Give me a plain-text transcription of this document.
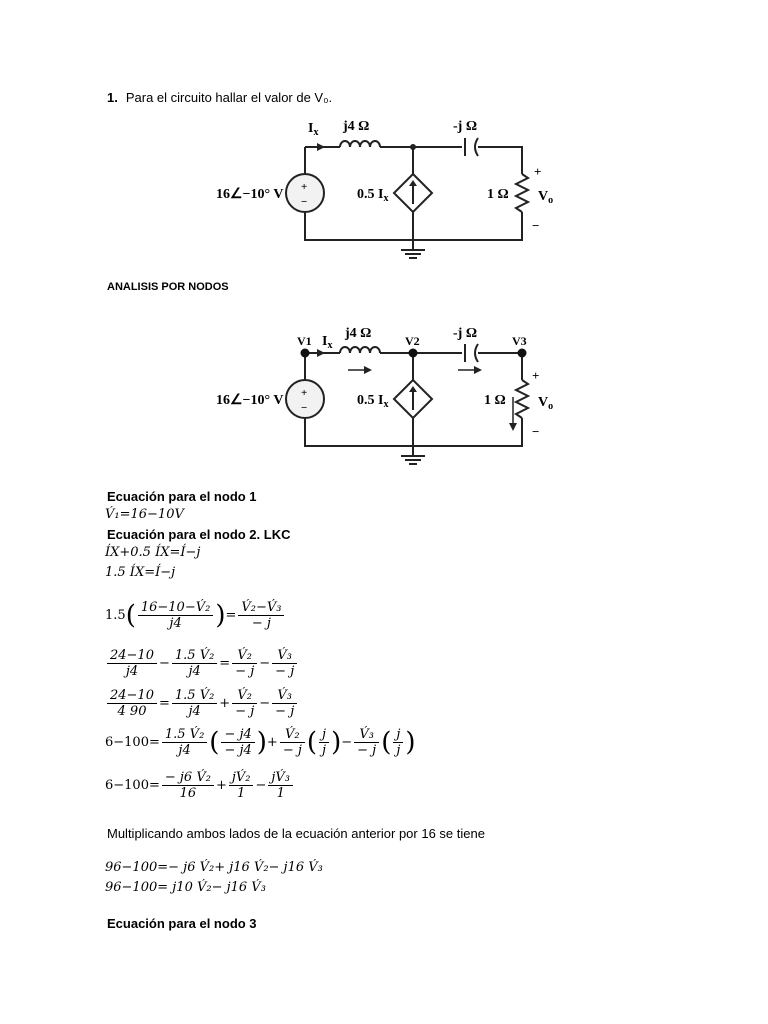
1. Para el circuito hallar el valor de V₀.
+
−
$I_x$ j4 Ω	-j Ω
16∠−10° V	0.5 $I_x$	1 Ω
+
$V_o$
−
ANALISIS POR NODOS
+
−
V1	V2	V3
$I_x$
j4 Ω	-j Ω
16∠−10° V	0.5 $I_x$	1 Ω
+
$V_o$
−
Ecuación para el nodo 1
V́₁=16−10V
Ecuación para el nodo 2. LKC
ÍX+0.5 ÍX=Í−j
1.5 ÍX=Í−j
$1.5( \frac{\text{16−10−V́₂}}{j4}$ )= $\frac{\text{V́₂−V́₃}}{- j}$
$\frac{24-10}{j4} - \frac{\text{1.5 V́₂}}{j4} = \frac{\text{V́₂}}{- j} - \frac{\text{V́₃}}{- j}$
$\frac{24-10}{4 90} = \frac{\text{1.5 V́₂}}{j4} + \frac{\text{V́₂}}{- j} - \frac{\text{V́₃}}{- j}$
$6-100= \frac{\text{1.5 V́₂}}{j4}$ ( $\frac{- j4}{- j4}$ )+ $\frac{\text{V́₂}}{- j}$ ( $\frac{j}{j}$ )− $\frac{\text{V́₃}}{- j}$ ( $\frac{j}{j}$ )
$6-100= \frac{\text{− j6 V́₂}}{16} + \frac{\text{jV́₂}}{1} - \frac{\text{jV́₃}}{1}$
Multiplicando ambos lados de la ecuación anterior por 16 se tiene
96−100=− j6 V́₂+ j16 V́₂− j16 V́₃
96−100= j10 V́₂− j16 V́₃
Ecuación para el nodo 3
